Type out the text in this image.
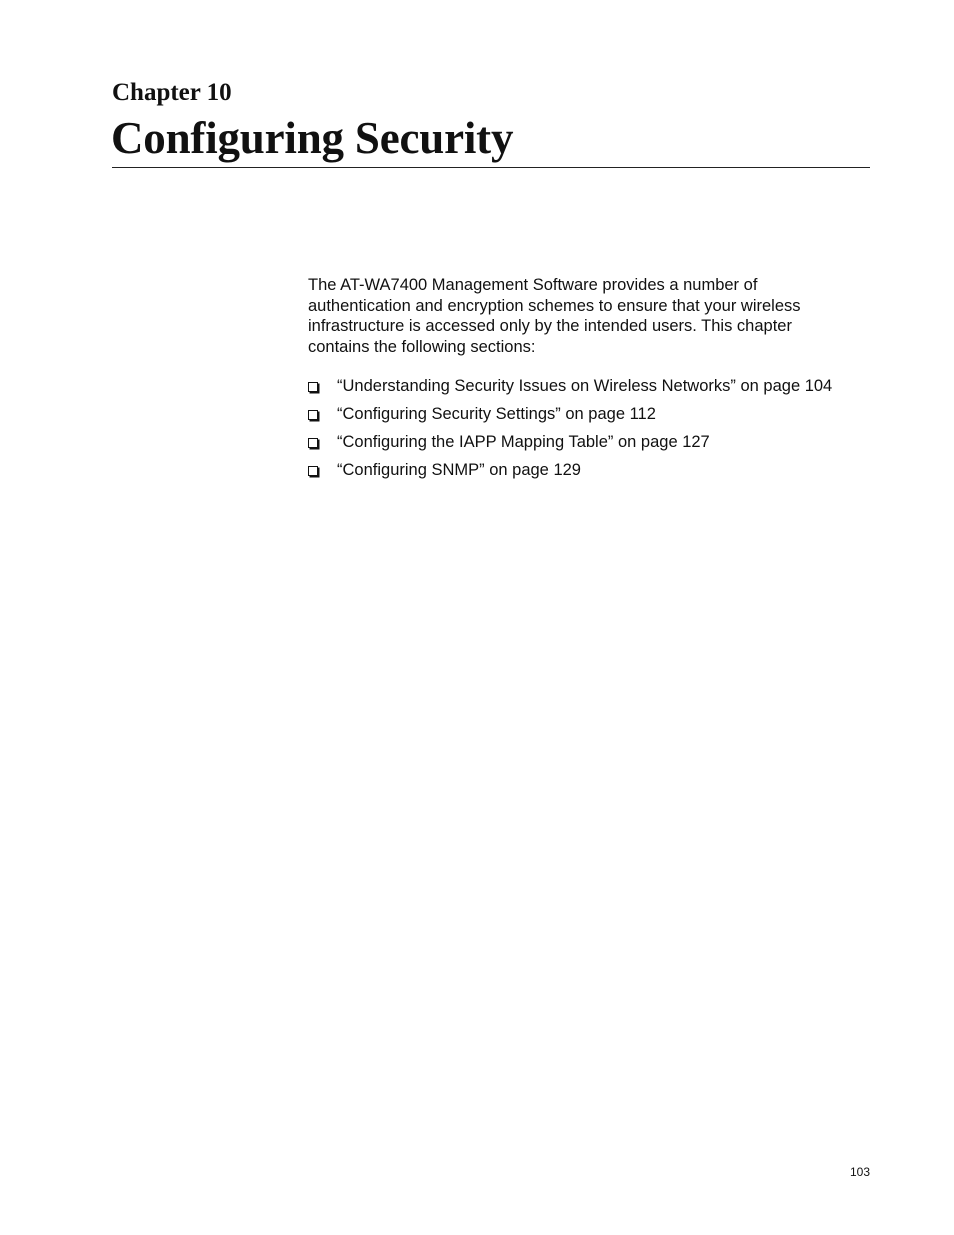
Chapter 10
Configuring Security

The AT-WA7400 Management Software provides a number of authentication and encryption schemes to ensure that your wireless infrastructure is accessed only by the intended users. This chapter contains the following sections:

“Understanding Security Issues on Wireless Networks” on page 104
“Configuring Security Settings” on page 112
“Configuring the IAPP Mapping Table” on page 127
“Configuring SNMP” on page 129
103
